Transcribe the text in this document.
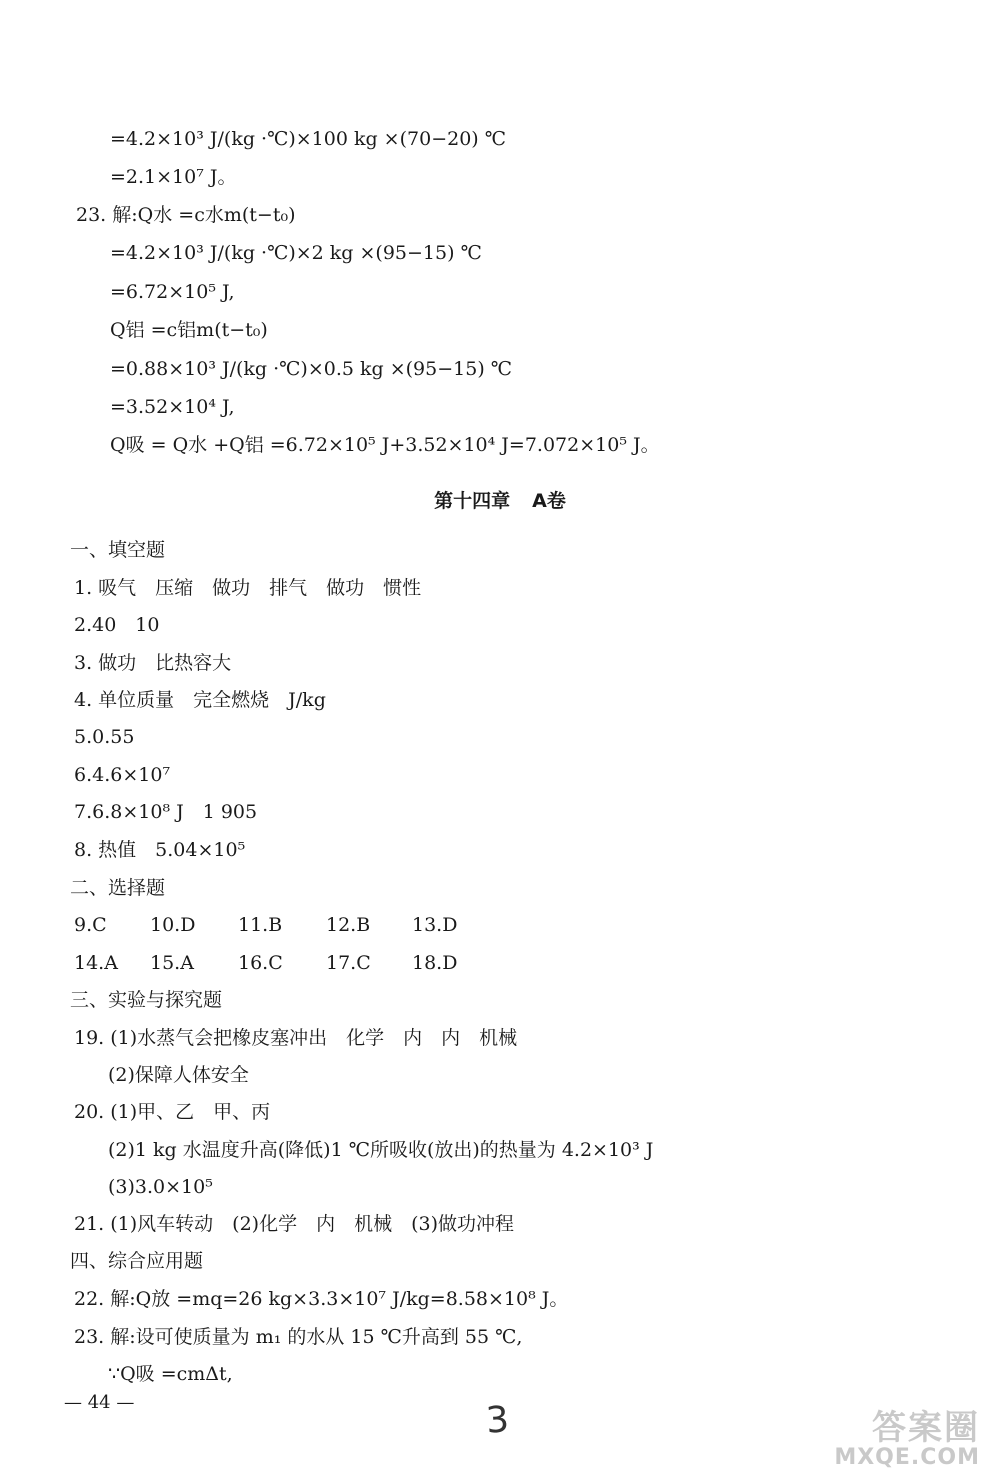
=4.2×10³ J/(kg ·℃)×100 kg ×(70−20) ℃
=2.1×10⁷ J。
23. 解:Q水 =c水m(t−t₀)
=4.2×10³ J/(kg ·℃)×2 kg ×(95−15) ℃
=6.72×10⁵ J,
Q铝 =c铝m(t−t₀)
=0.88×10³ J/(kg ·℃)×0.5 kg ×(95−15) ℃
=3.52×10⁴ J,
Q吸 = Q水 +Q铝 =6.72×10⁵ J+3.52×10⁴ J=7.072×10⁵ J。
第十四章 A卷
一、填空题
1. 吸气　压缩　做功　排气　做功　惯性
2.40　10
3. 做功　比热容大
4. 单位质量　完全燃烧　J/kg
5.0.55
6.4.6×10⁷
7.6.8×10⁸ J　1 905
8. 热值　5.04×10⁵
二、选择题
9.C 10.D 11.B 12.B 13.D
14.A 15.A 16.C 17.C 18.D
三、实验与探究题
19. (1)水蒸气会把橡皮塞冲出　化学　内　内　机械
(2)保障人体安全
20. (1)甲、乙　甲、丙
(2)1 kg 水温度升高(降低)1 ℃所吸收(放出)的热量为 4.2×10³ J
(3)3.0×10⁵
21. (1)风车转动　(2)化学　内　机械　(3)做功冲程
四、综合应用题
22. 解:Q放 =mq=26 kg×3.3×10⁷ J/kg=8.58×10⁸ J。
23. 解:设可使质量为 m₁ 的水从 15 ℃升高到 55 ℃,
∵Q吸 =cmΔt,
— 44 —	3	答案圈
MXQE.COM
